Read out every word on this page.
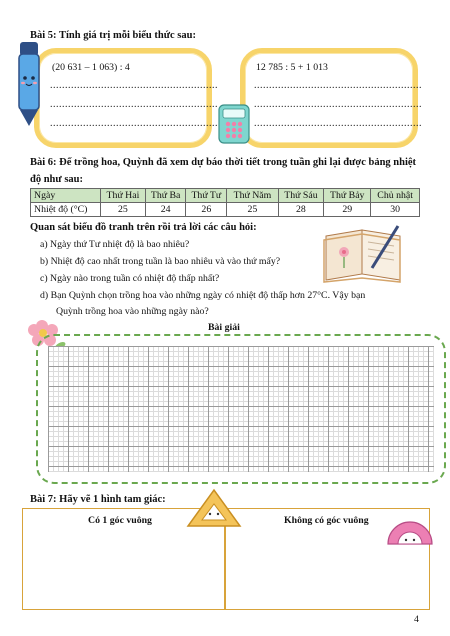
Bài 5: Tính giá trị mỗi biểu thức sau:
(20 631 – 1 063) : 4
........................................................
........................................................
........................................................
12 785 : 5 + 1 013
........................................................
........................................................
........................................................
Bài 6: Để trồng hoa, Quỳnh đã xem dự báo thời tiết trong tuần ghi lại được bảng nhiệt
độ như sau:
Ngày	Thứ Hai	Thứ Ba	Thứ Tư	Thứ Năm	Thứ Sáu	Thứ Bảy	Chủ nhật
Nhiệt độ (°C)	25	24	26	25	28	29	30
Quan sát biểu đồ tranh trên rồi trả lời các câu hỏi:
a) Ngày thứ Tư nhiệt độ là bao nhiêu?
b) Nhiệt độ cao nhất trong tuần là bao nhiêu và vào thứ mấy?
c) Ngày nào trong tuần có nhiệt độ thấp nhất?
d) Bạn Quỳnh chọn trồng hoa vào những ngày có nhiệt độ thấp hơn 27°C. Vậy bạn
Quỳnh trồng hoa vào những ngày nào?
Bài giải
Bài 7: Hãy vẽ 1 hình tam giác:
Có 1 góc vuông	Không có góc vuông
4
